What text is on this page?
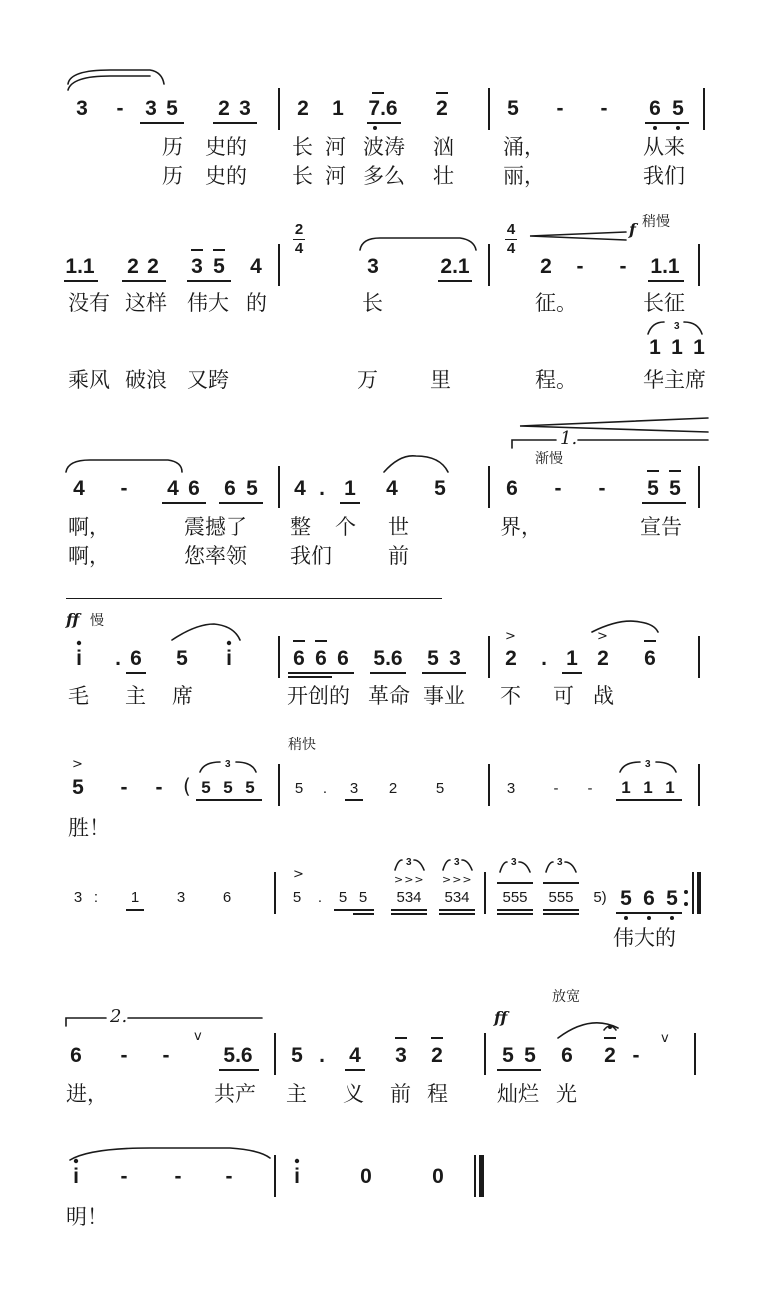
3	-	3 5	2 3	2	1	7.6	2	5	-	-	6 5
历 史的 长 河 波涛 汹 涌，	从来
历 史的 长 河 多么 壮 丽，	我们
1.1	2 2	3 5	4
2
4
3	2.1
4
4
f 稍慢
2	-	-	1.1
1 1 1
3
没有 这样 伟大 的	长	征。	长征
乘风 破浪 又跨	万 里	程。	华主席
1.
渐慢
4	-	4 6	6 5	4 . 1	4	5	6	-	-	5 5
啊，	震撼了 整 个 世	界，	宣告
啊，	您率领 我们	前
ff 慢
i	. 6	5	i	6 6 6	5.6	5 3
>	>
2	. 1 2	6
毛 主 席	开创的 革命 事业 不 可 战
稍快
>
5	-	-	( 5 5 5
3
5	.	3	2	5	3	-	-	1 1 1
3
胜！
3 :	1	3	6
>
5	.	5 5	534	534
3	3
>>> >>>
555	555	5) 5 6 5
3	3
伟大的
2.
放宽
ff
6	-	-
v
5.6	5 .	4	3	2	5 5	6	2 -
v
进，	共产 主 义 前 程 灿烂 光
i	-	-	-	i	0	0
明！
